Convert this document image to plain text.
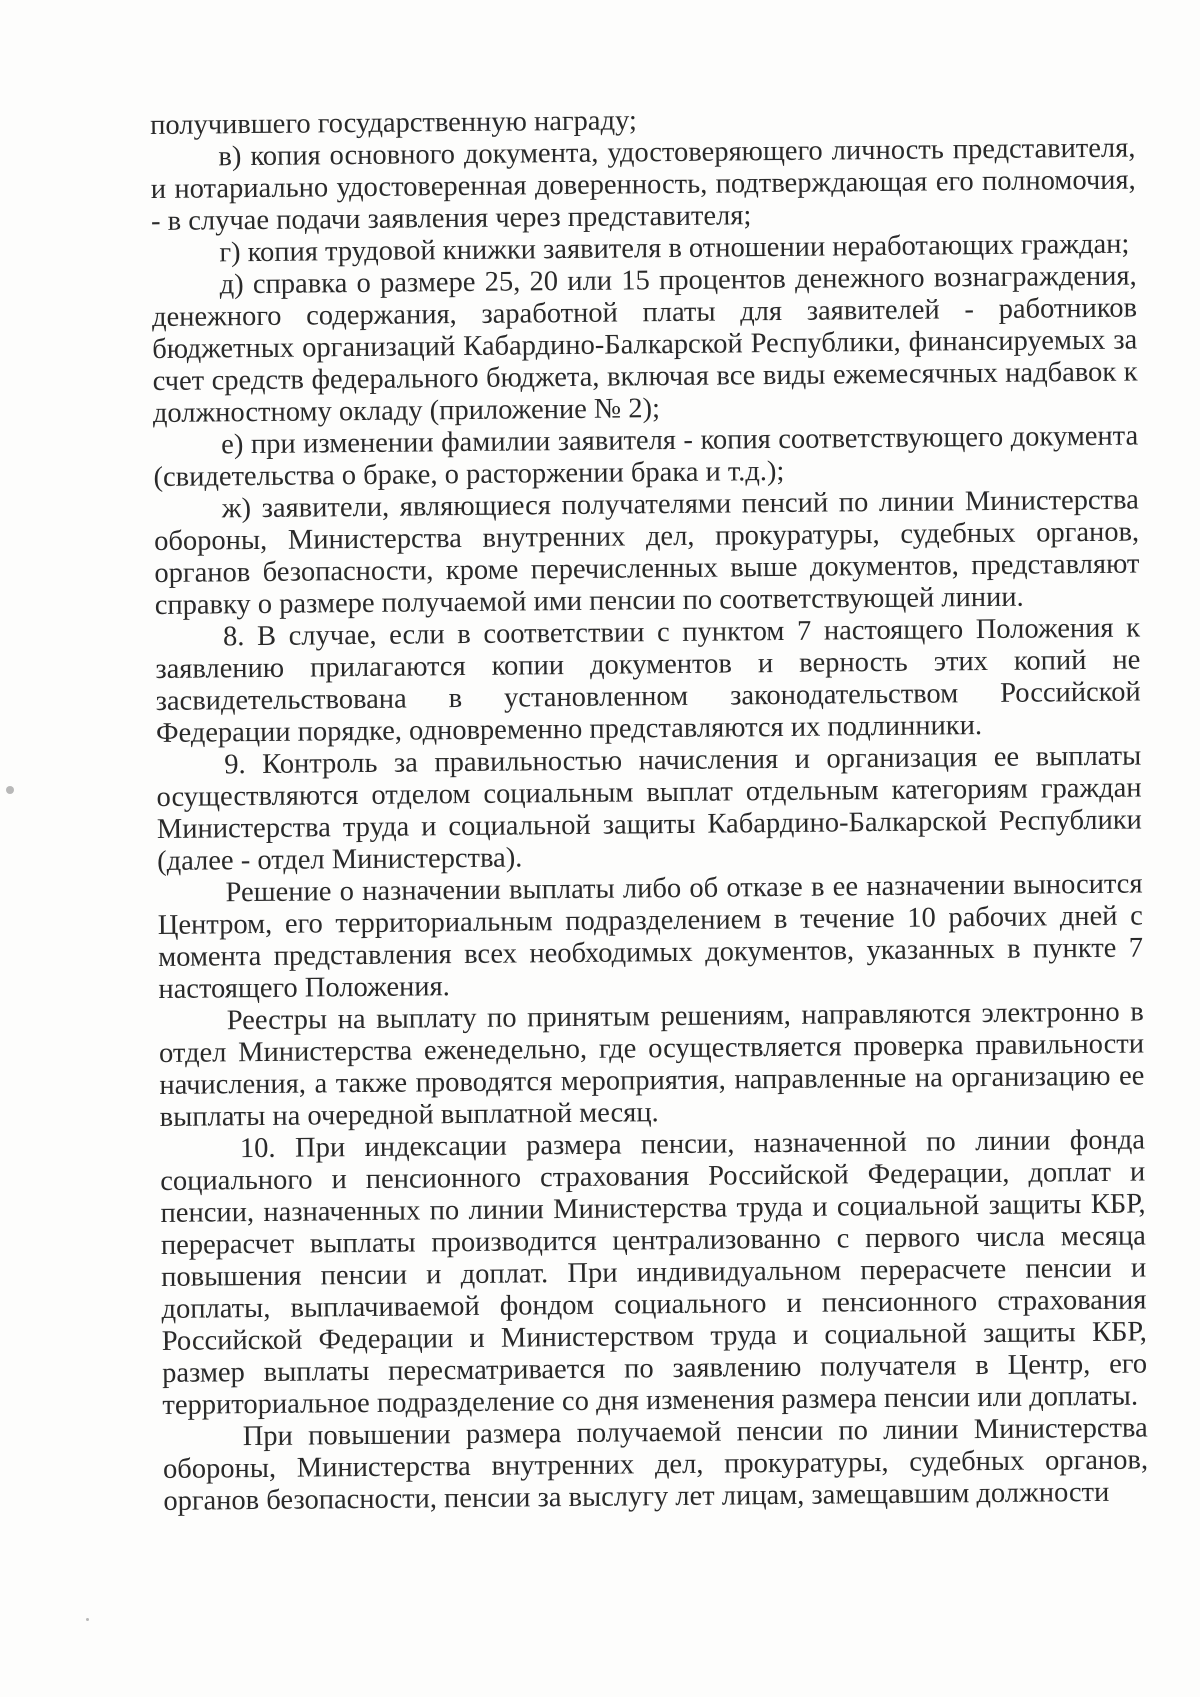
получившего государственную награду;

в) копия основного документа, удостоверяющего личность представителя, и нотариально удостоверенная доверенность, подтверждающая его полномочия, - в случае подачи заявления через представителя;

г) копия трудовой книжки заявителя в отношении неработающих граждан;

д) справка о размере 25, 20 или 15 процентов денежного вознаграждения, денежного содержания, заработной платы для заявителей - работников бюджетных организаций Кабардино-Балкарской Республики, финансируемых за счет средств федерального бюджета, включая все виды ежемесячных надбавок к должностному окладу (приложение № 2);

е) при изменении фамилии заявителя - копия соответствующего документа (свидетельства о браке, о расторжении брака и т.д.);

ж) заявители, являющиеся получателями пенсий по линии Министерства обороны, Министерства внутренних дел, прокуратуры, судебных органов, органов безопасности, кроме перечисленных выше документов, представляют справку о размере получаемой ими пенсии по соответствующей линии.

8. В случае, если в соответствии с пунктом 7 настоящего Положения к заявлению прилагаются копии документов и верность этих копий не засвидетельствована в установленном законодательством Российской Федерации порядке, одновременно представляются их подлинники.

9. Контроль за правильностью начисления и организация ее выплаты осуществляются отделом социальным выплат отдельным категориям граждан Министерства труда и социальной защиты Кабардино-Балкарской Республики (далее - отдел Министерства).

Решение о назначении выплаты либо об отказе в ее назначении выносится Центром, его территориальным подразделением в течение 10 рабочих дней с момента представления всех необходимых документов, указанных в пункте 7 настоящего Положения.

Реестры на выплату по принятым решениям, направляются электронно в отдел Министерства еженедельно, где осуществляется проверка правильности начисления, а также проводятся мероприятия, направленные на организацию ее выплаты на очередной выплатной месяц.

10. При индексации размера пенсии, назначенной по линии фонда социального и пенсионного страхования Российской Федерации, доплат и пенсии, назначенных по линии Министерства труда и социальной защиты КБР, перерасчет выплаты производится централизованно с первого числа месяца повышения пенсии и доплат. При индивидуальном перерасчете пенсии и доплаты, выплачиваемой фондом социального и пенсионного страхования Российской Федерации и Министерством труда и социальной защиты КБР, размер выплаты пересматривается по заявлению получателя в Центр, его территориальное подразделение со дня изменения размера пенсии или доплаты.

При повышении размера получаемой пенсии по линии Министерства обороны, Министерства внутренних дел, прокуратуры, судебных органов, органов безопасности, пенсии за выслугу лет лицам, замещавшим должности
